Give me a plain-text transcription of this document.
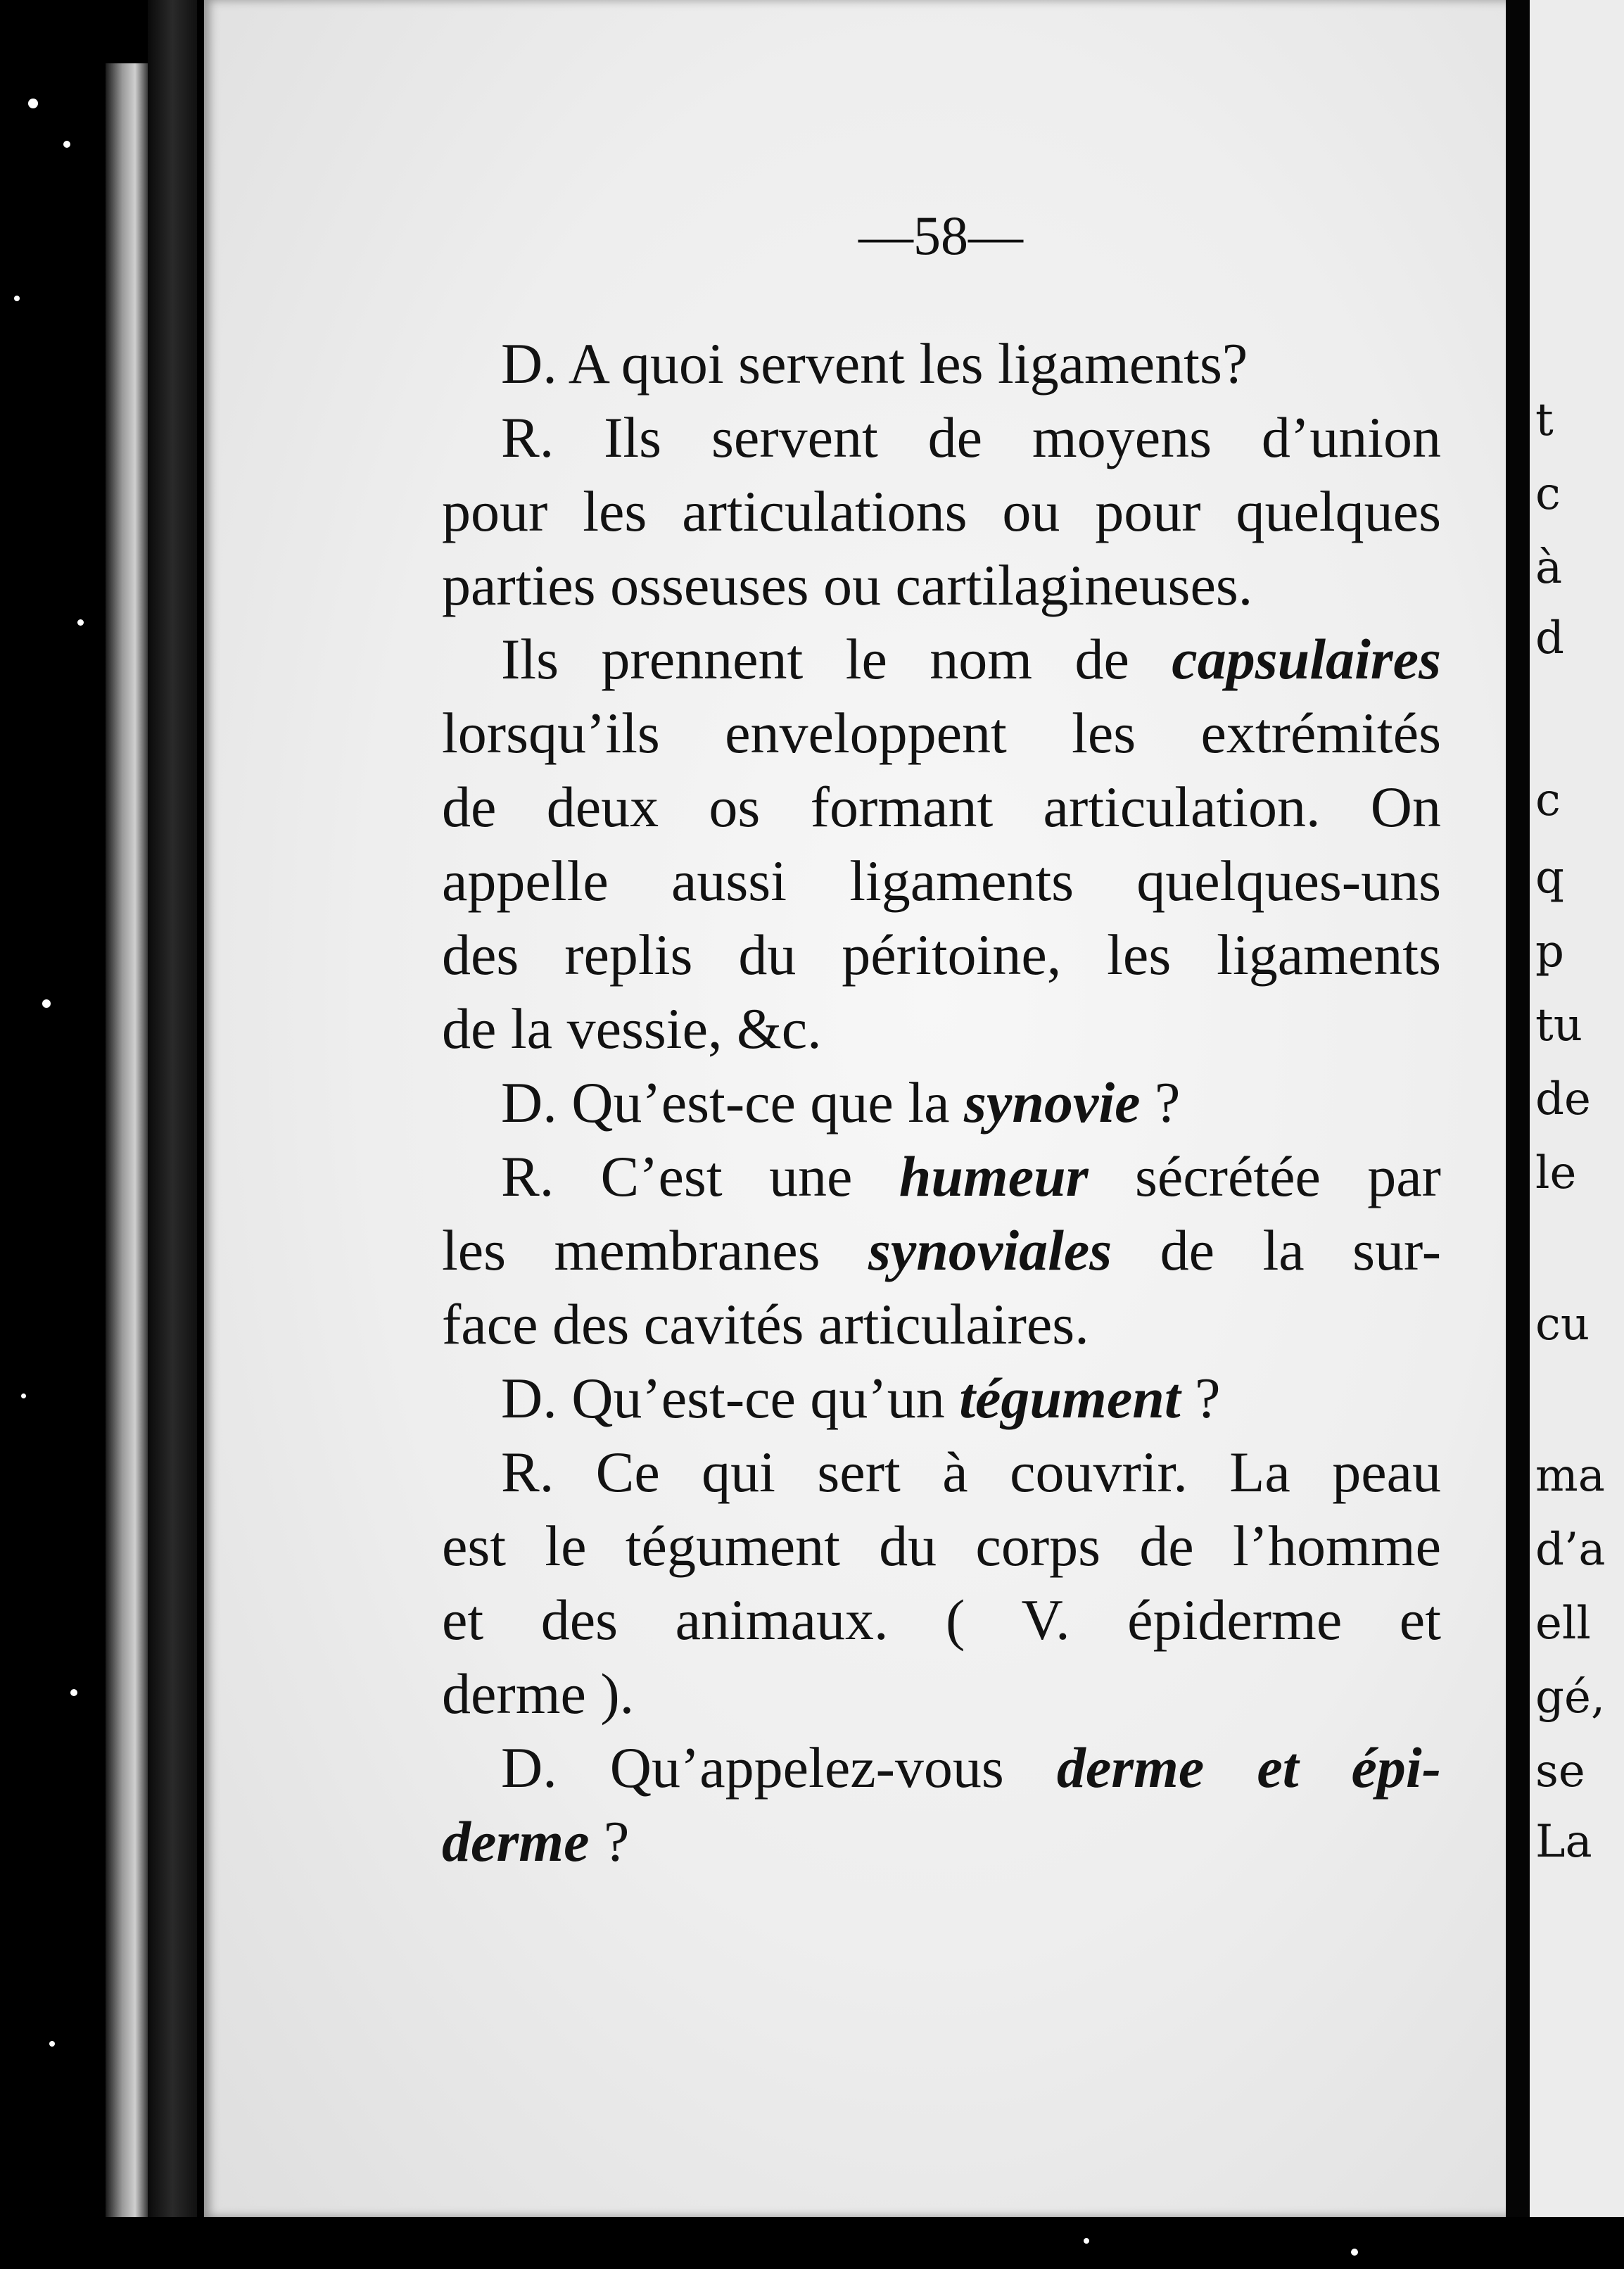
t
c
à
d
c
q
p
tu
de
le
cu
ma
d’a
ell
gé,
se
La
—58—
D. A quoi servent les ligaments?
R. Ils servent de moyens d’union
pour les articulations ou pour quelques
parties osseuses ou cartilagineuses.
Ils prennent le nom de capsulaires
lorsqu’ils enveloppent les extrémités
de deux os formant articulation. On
appelle aussi ligaments quelques-uns
des replis du péritoine, les ligaments
de la vessie, &c.
D. Qu’est-ce que la synovie ?
R. C’est une humeur sécrétée par
les membranes synoviales de la sur-
face des cavités articulaires.
D. Qu’est-ce qu’un tégument ?
R. Ce qui sert à couvrir. La peau
est le tégument du corps de l’homme
et des animaux. ( V. épiderme et
derme ).
D. Qu’appelez-vous derme et épi-
derme ?
